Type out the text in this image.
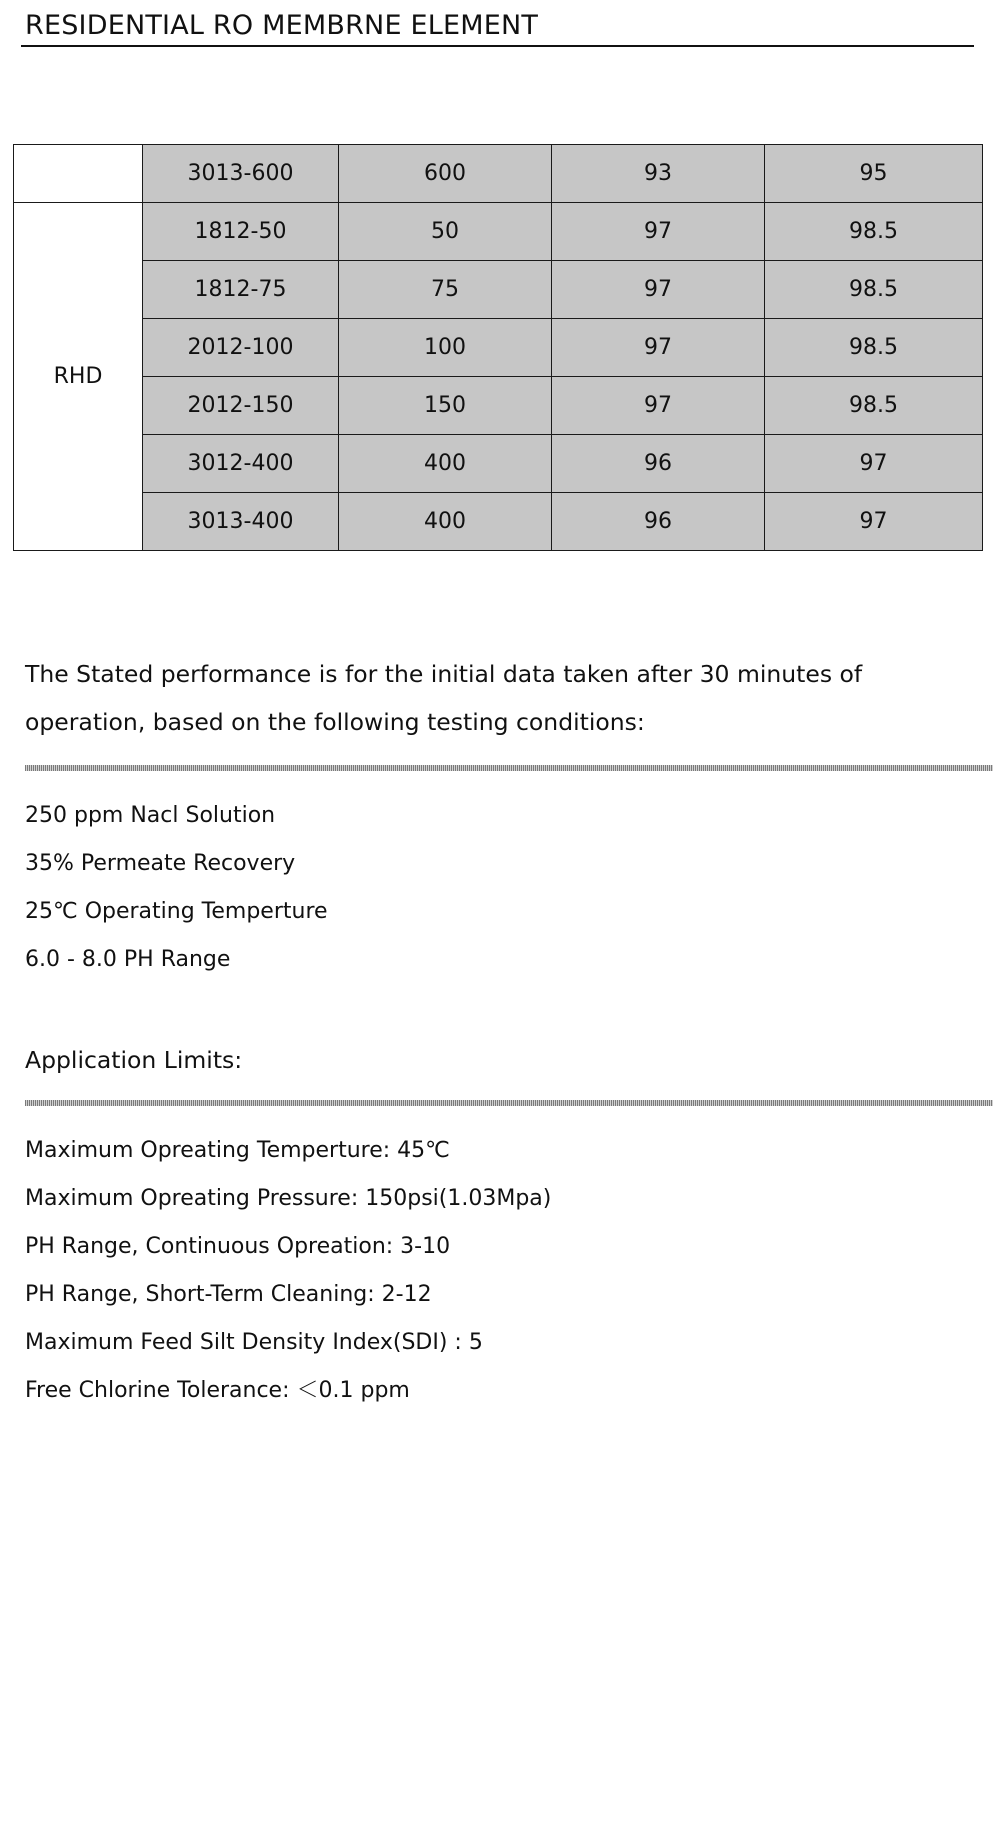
RESIDENTIAL RO MEMBRNE ELEMENT
	3013-600	600	93	95
RHD	1812-50	50	97	98.5
	1812-75	75	97	98.5
	2012-100	100	97	98.5
	2012-150	150	97	98.5
	3012-400	400	96	97
	3013-400	400	96	97
The Stated performance is for the initial data taken after 30 minutes of operation, based on the following testing conditions:
250 ppm Nacl Solution
35% Permeate Recovery
25℃ Operating Temperture
6.0 - 8.0 PH Range
Application Limits:
Maximum Opreating Temperture: 45℃
Maximum Opreating Pressure: 150psi(1.03Mpa)
PH Range, Continuous Opreation: 3-10
PH Range, Short-Term Cleaning: 2-12
Maximum Feed Silt Density Index(SDI) : 5
Free Chlorine Tolerance: ＜0.1 ppm
